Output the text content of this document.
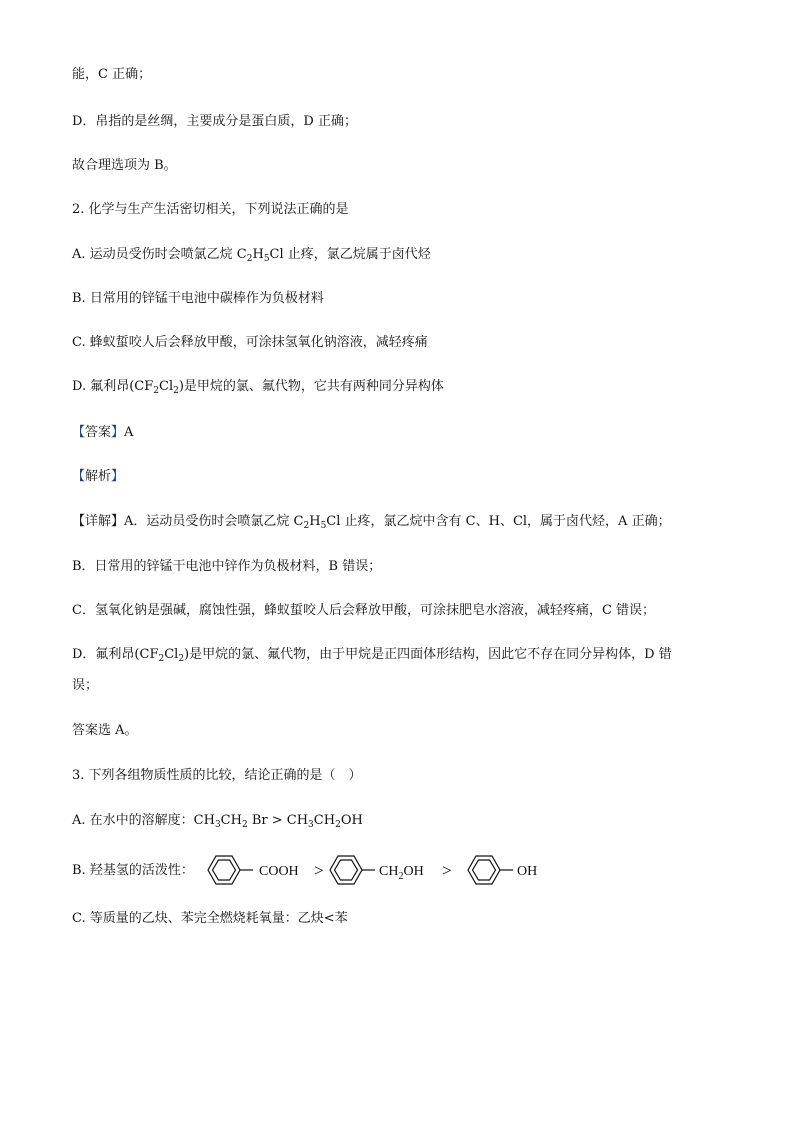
能，C 正确；
D．帛指的是丝绸，主要成分是蛋白质，D 正确；
故合理选项为 B。
2. 化学与生产生活密切相关，下列说法正确的是
A. 运动员受伤时会喷氯乙烷 $C_2H_5Cl$ 止疼，氯乙烷属于卤代烃
B. 日常用的锌锰干电池中碳棒作为负极材料
C. 蜂蚁蜇咬人后会释放甲酸，可涂抹氢氧化钠溶液，减轻疼痛
D. 氟利昂$(CF_2Cl_2)$是甲烷的氯、氟代物，它共有两种同分异构体
【答案】A
【解析】
【详解】A．运动员受伤时会喷氯乙烷 $C_2H_5Cl$ 止疼，氯乙烷中含有 C、H、Cl，属于卤代烃，A 正确；
B．日常用的锌锰干电池中锌作为负极材料，B 错误；
C．氢氧化钠是强碱，腐蚀性强，蜂蚁蜇咬人后会释放甲酸，可涂抹肥皂水溶液，减轻疼痛，C 错误；
D．氟利昂$(CF_2Cl_2)$是甲烷的氯、氟代物，由于甲烷是正四面体形结构，因此它不存在同分异构体，D 错
误；
答案选 A。
3. 下列各组物质性质的比较，结论正确的是（　）
A. 在水中的溶解度：$CH_3CH_2$ $Br > CH_3CH_2OH$
B. 羟基氢的活泼性：	COOH >	$CH_2OH$ >	OH
C. 等质量的乙炔、苯完全燃烧耗氧量：乙炔<苯
